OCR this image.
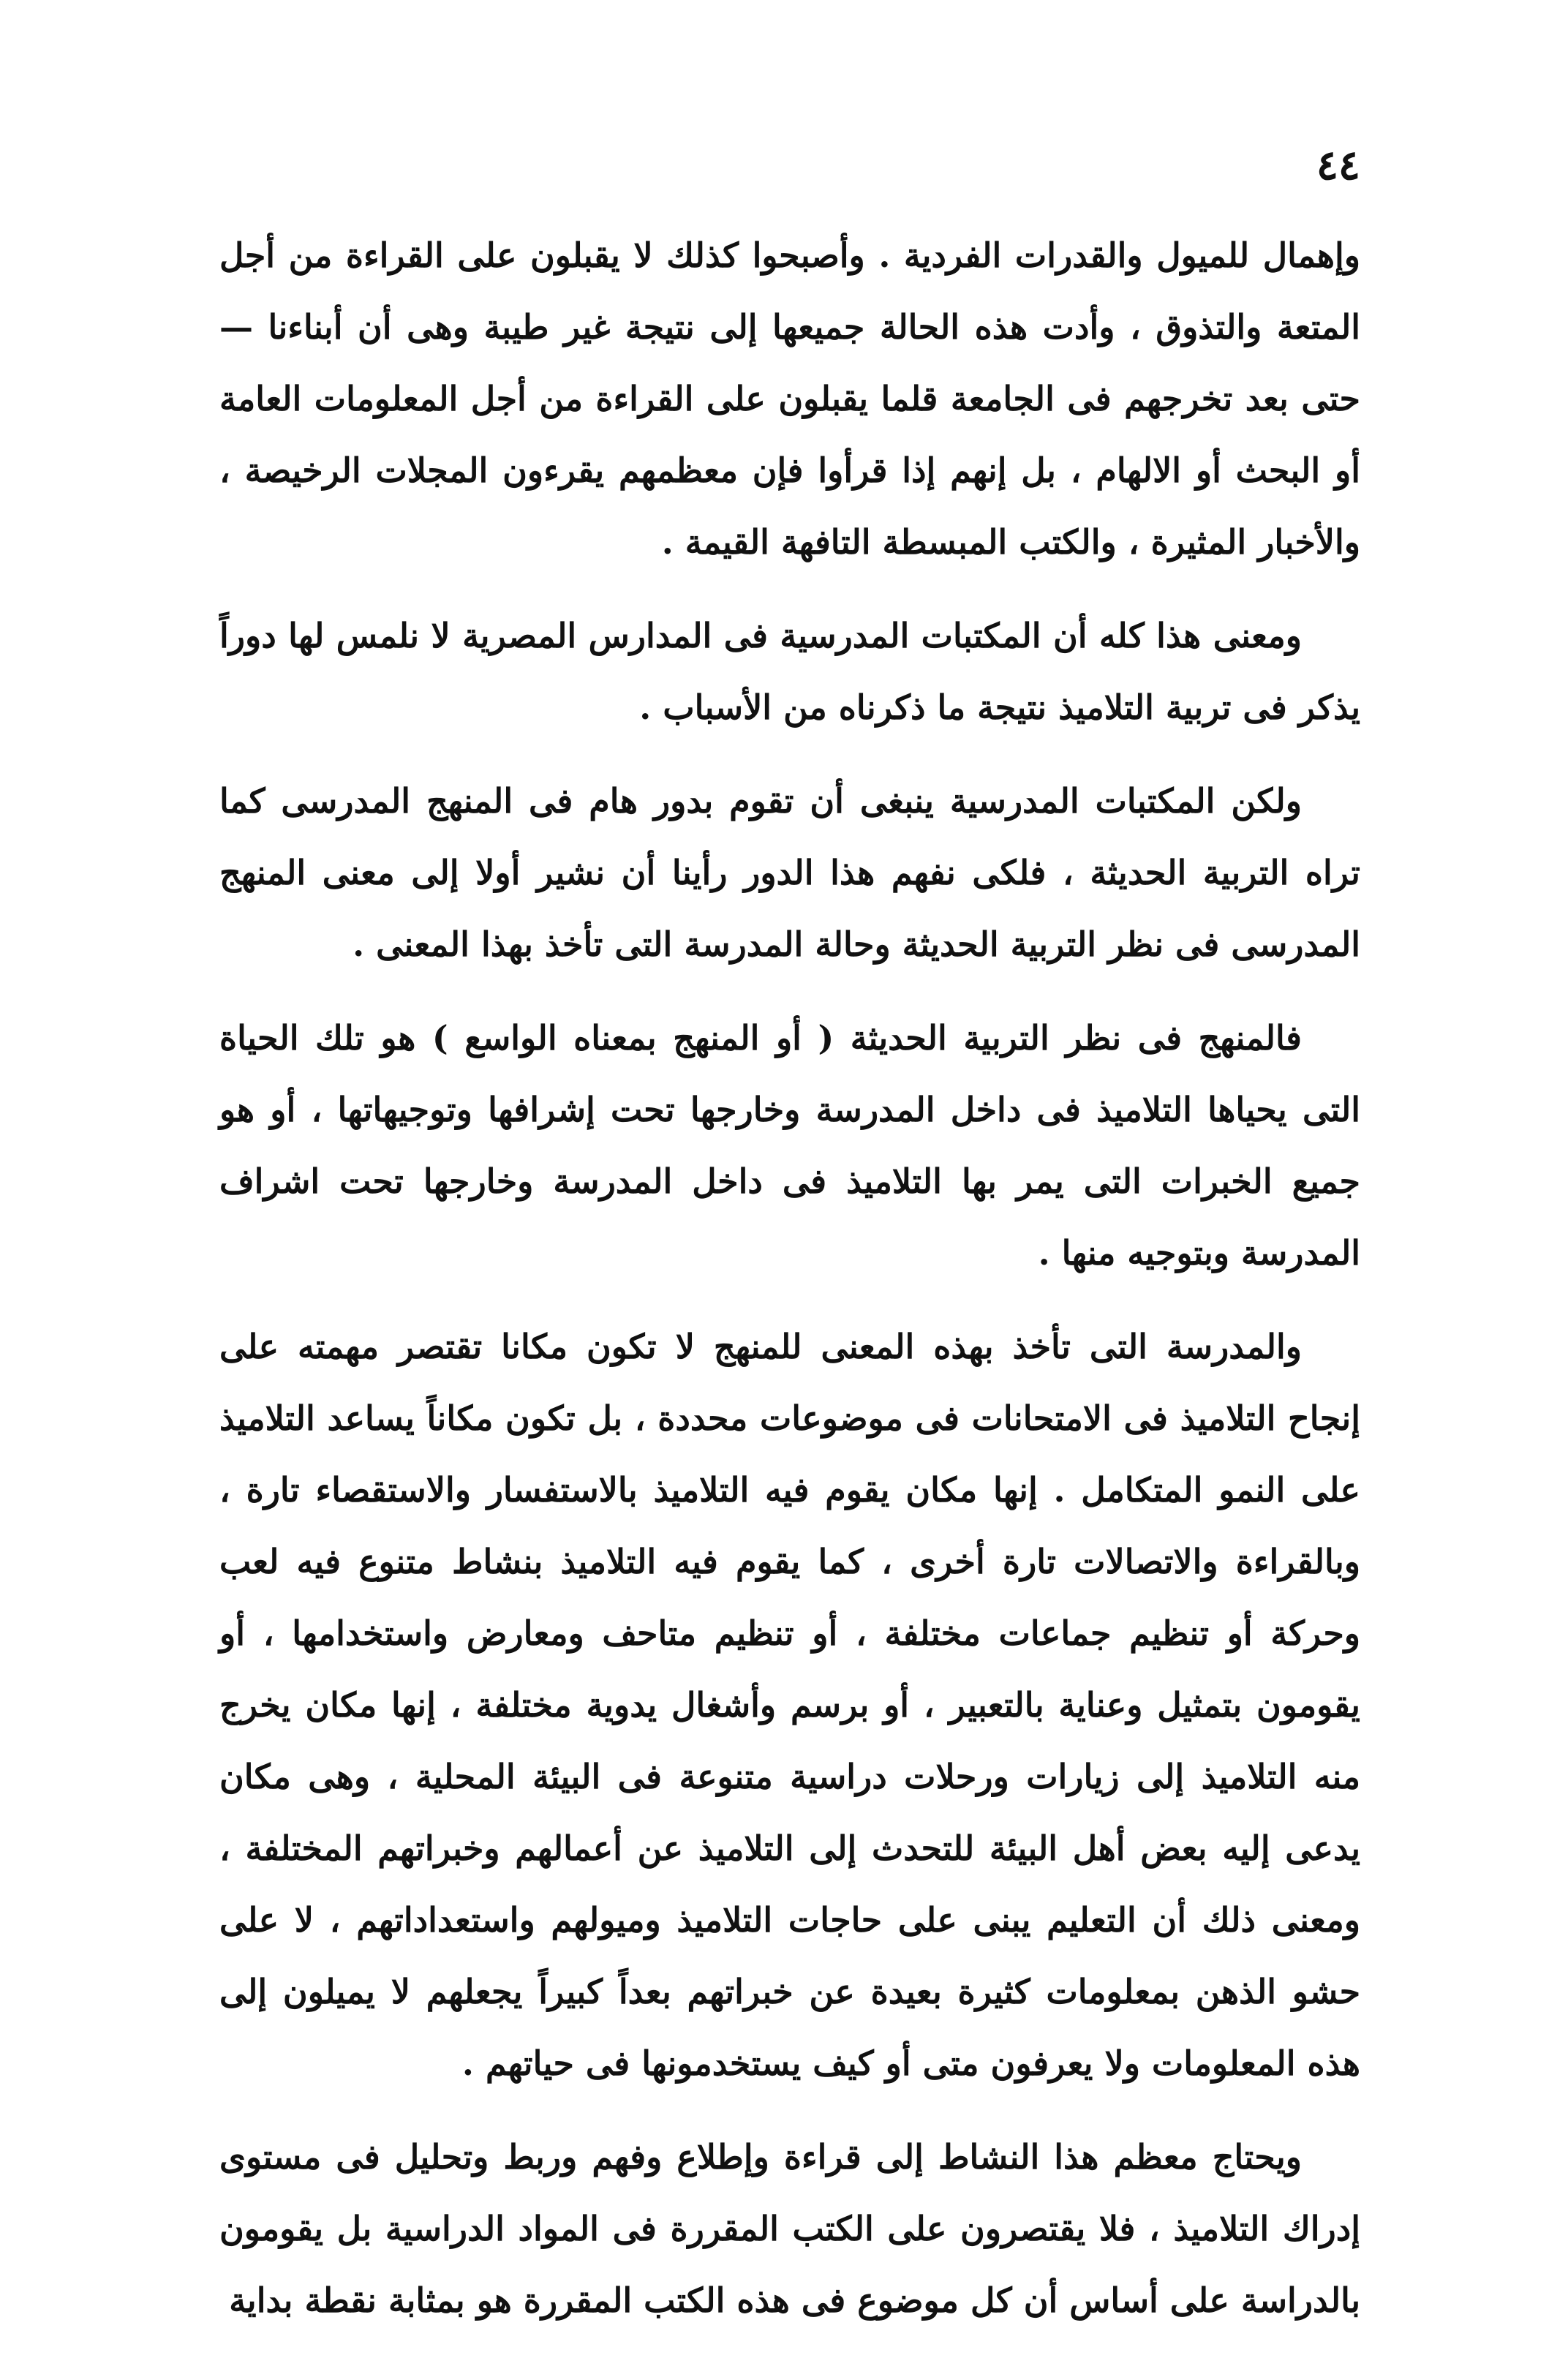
٤٤

وإهمال للميول والقدرات الفردية . وأصبحوا كذلك لا يقبلون على القراءة من أجل المتعة والتذوق ، وأدت هذه الحالة جميعها إلى نتيجة غير طيبة وهى أن أبناءنا — حتى بعد تخرجهم فى الجامعة قلما يقبلون على القراءة من أجل المعلومات العامة أو البحث أو الالهام ، بل إنهم إذا قرأوا فإن معظمهم يقرءون المجلات الرخيصة ، والأخبار المثيرة ، والكتب المبسطة التافهة القيمة .

ومعنى هذا كله أن المكتبات المدرسية فى المدارس المصرية لا نلمس لها دوراً يذكر فى تربية التلاميذ نتيجة ما ذكرناه من الأسباب .

ولكن المكتبات المدرسية ينبغى أن تقوم بدور هام فى المنهج المدرسى كما تراه التربية الحديثة ، فلكى نفهم هذا الدور رأينا أن نشير أولا إلى معنى المنهج المدرسى فى نظر التربية الحديثة وحالة المدرسة التى تأخذ بهذا المعنى .

فالمنهج فى نظر التربية الحديثة ( أو المنهج بمعناه الواسع ) هو تلك الحياة التى يحياها التلاميذ فى داخل المدرسة وخارجها تحت إشرافها وتوجيهاتها ، أو هو جميع الخبرات التى يمر بها التلاميذ فى داخل المدرسة وخارجها تحت اشراف المدرسة وبتوجيه منها .

والمدرسة التى تأخذ بهذه المعنى للمنهج لا تكون مكانا تقتصر مهمته على إنجاح التلاميذ فى الامتحانات فى موضوعات محددة ، بل تكون مكاناً يساعد التلاميذ على النمو المتكامل . إنها مكان يقوم فيه التلاميذ بالاستفسار والاستقصاء تارة ، وبالقراءة والاتصالات تارة أخرى ، كما يقوم فيه التلاميذ بنشاط متنوع فيه لعب وحركة أو تنظيم جماعات مختلفة ، أو تنظيم متاحف ومعارض واستخدامها ، أو يقومون بتمثيل وعناية بالتعبير ، أو برسم وأشغال يدوية مختلفة ، إنها مكان يخرج منه التلاميذ إلى زيارات ورحلات دراسية متنوعة فى البيئة المحلية ، وهى مكان يدعى إليه بعض أهل البيئة للتحدث إلى التلاميذ عن أعمالهم وخبراتهم المختلفة ، ومعنى ذلك أن التعليم يبنى على حاجات التلاميذ وميولهم واستعداداتهم ، لا على حشو الذهن بمعلومات كثيرة بعيدة عن خبراتهم بعداً كبيراً يجعلهم لا يميلون إلى هذه المعلومات ولا يعرفون متى أو كيف يستخدمونها فى حياتهم .

ويحتاج معظم هذا النشاط إلى قراءة وإطلاع وفهم وربط وتحليل فى مستوى إدراك التلاميذ ، فلا يقتصرون على الكتب المقررة فى المواد الدراسية بل يقومون بالدراسة على أساس أن كل موضوع فى هذه الكتب المقررة هو بمثابة نقطة بداية
